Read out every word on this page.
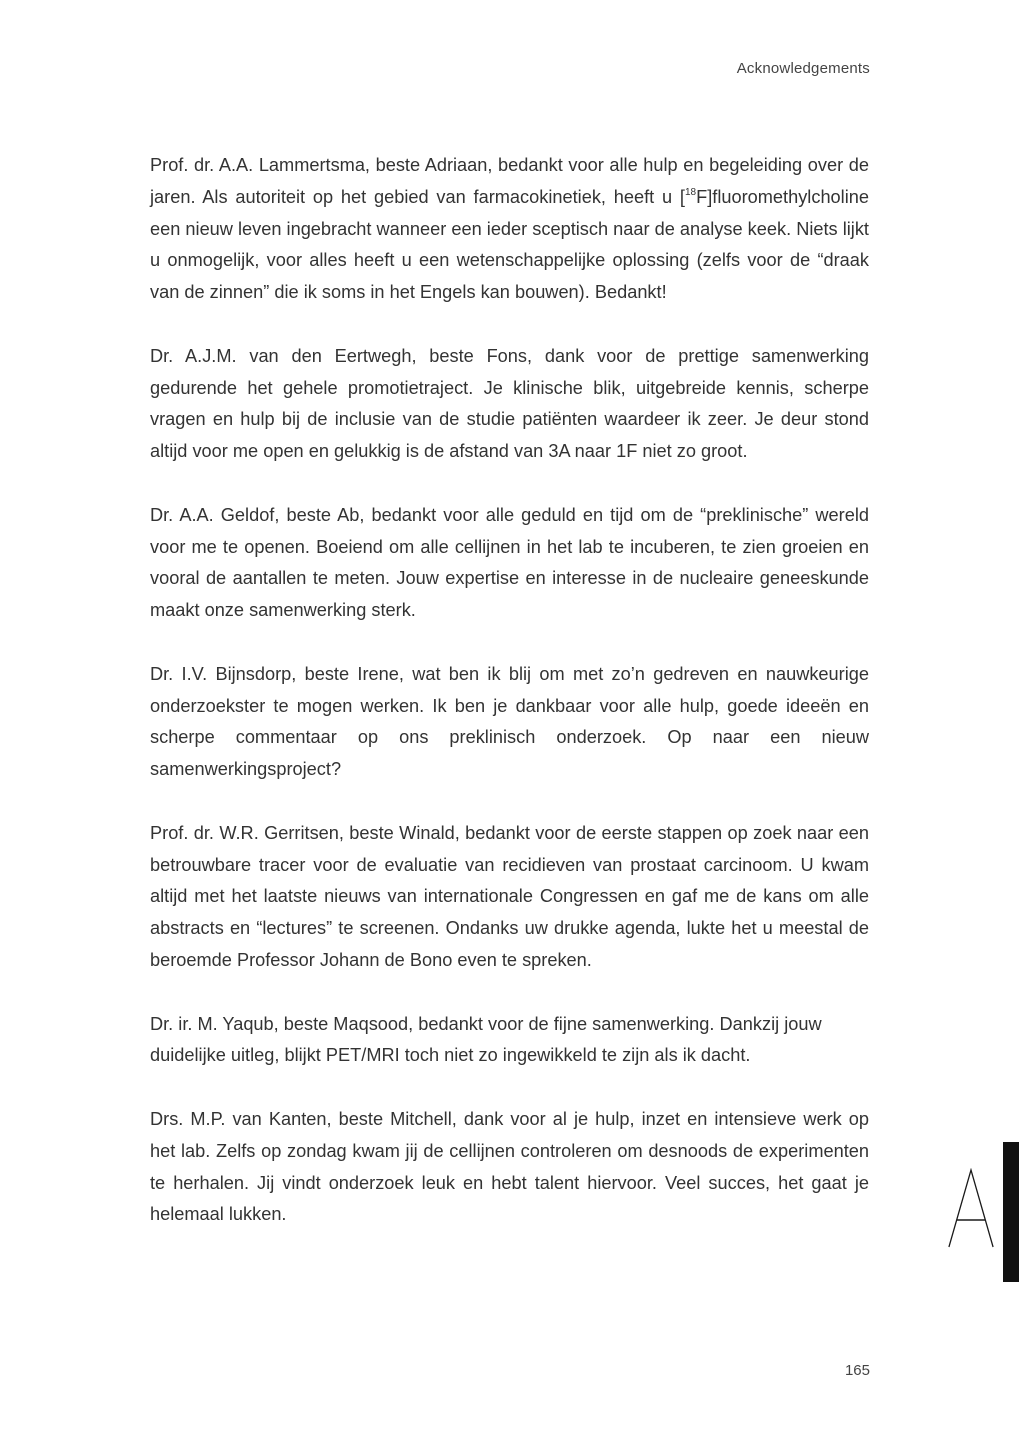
Acknowledgements

Prof. dr. A.A. Lammertsma, beste Adriaan, bedankt voor alle hulp en begeleiding over de jaren. Als autoriteit op het gebied van farmacokinetiek, heeft u [$^{18}$F]fluoromethylcholine een nieuw leven ingebracht wanneer een ieder sceptisch naar de analyse keek. Niets lijkt u onmogelijk, voor alles heeft u een wetenschappelijke oplossing (zelfs voor de “draak van de zinnen” die ik soms in het Engels kan bouwen). Bedankt!

Dr. A.J.M. van den Eertwegh, beste Fons, dank voor de prettige samenwerking gedurende het gehele promotietraject. Je klinische blik, uitgebreide kennis, scherpe vragen en hulp bij de inclusie van de studie patiënten waardeer ik zeer. Je deur stond altijd voor me open en gelukkig is de afstand van 3A naar 1F niet zo groot.

Dr. A.A. Geldof, beste Ab, bedankt voor alle geduld en tijd om de “preklinische” wereld voor me te openen. Boeiend om alle cellijnen in het lab te incuberen, te zien groeien en vooral de aantallen te meten. Jouw expertise en interesse in de nucleaire geneeskunde maakt onze samenwerking sterk.

Dr. I.V. Bijnsdorp, beste Irene, wat ben ik blij om met zo’n gedreven en nauwkeurige onderzoekster te mogen werken. Ik ben je dankbaar voor alle hulp, goede ideeën en scherpe commentaar op ons preklinisch onderzoek. Op naar een nieuw samenwerkingsproject?

Prof. dr. W.R. Gerritsen, beste Winald, bedankt voor de eerste stappen op zoek naar een betrouwbare tracer voor de evaluatie van recidieven van prostaat carcinoom. U kwam altijd met het laatste nieuws van internationale Congressen en gaf me de kans om alle abstracts en “lectures” te screenen. Ondanks uw drukke agenda, lukte het u meestal de beroemde Professor Johann de Bono even te spreken.

Dr. ir. M. Yaqub, beste Maqsood, bedankt voor de fijne samenwerking. Dankzij jouw duidelijke uitleg, blijkt PET/MRI toch niet zo ingewikkeld te zijn als ik dacht.

Drs. M.P. van Kanten, beste Mitchell, dank voor al je hulp, inzet en intensieve werk op het lab. Zelfs op zondag kwam jij de cellijnen controleren om desnoods de experimenten te herhalen. Jij vindt onderzoek leuk en hebt talent hiervoor. Veel succes, het gaat je helemaal lukken.

165
